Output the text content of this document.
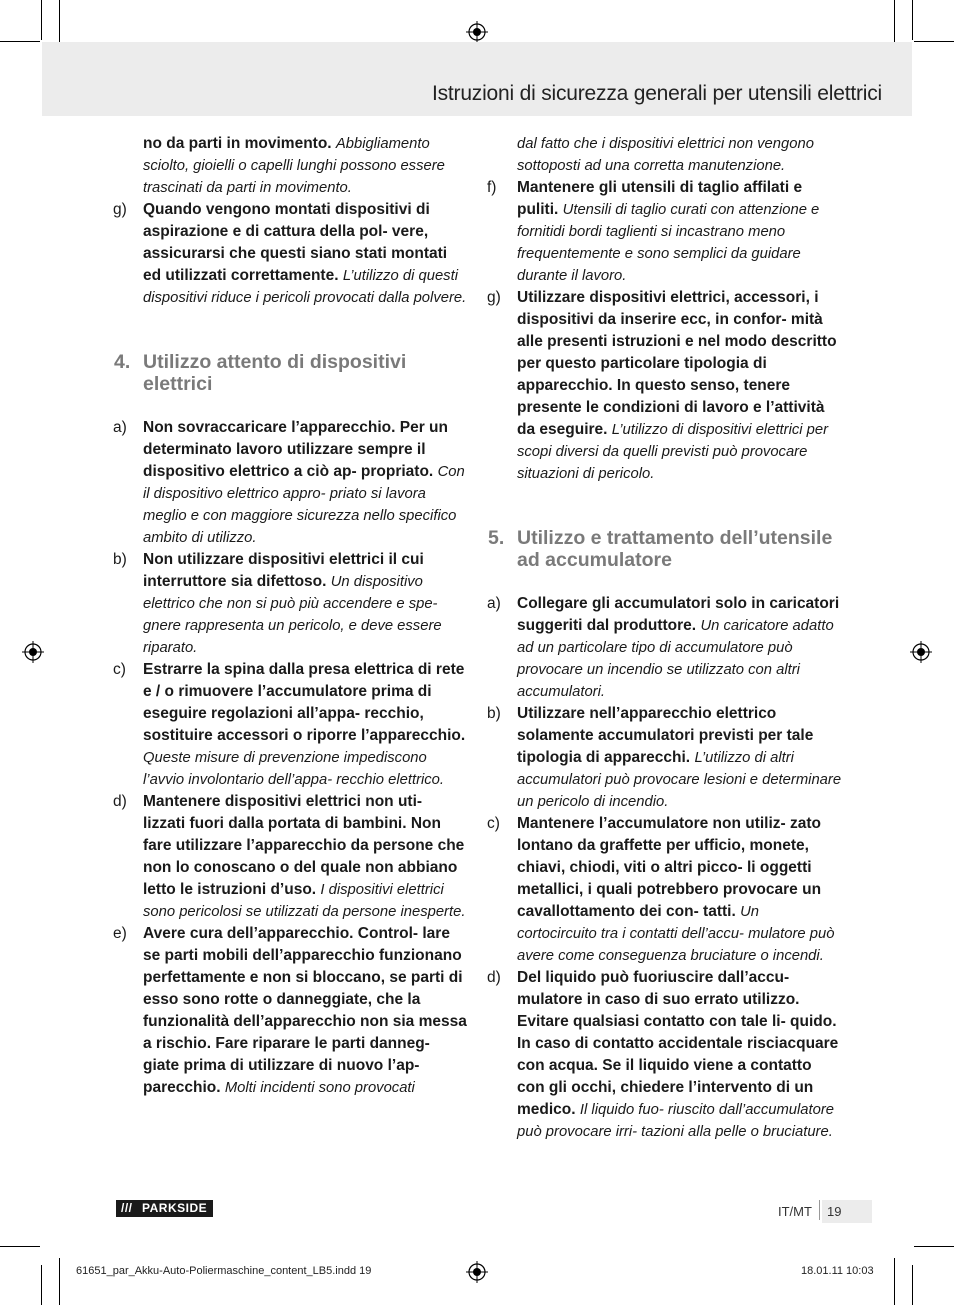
Istruzioni di sicurezza generali per utensili elettrici

no da parti in movimento. Abbigliamento sciolto, gioielli o capelli lunghi possono essere trascinati da parti in movimento.

g) Quando vengono montati dispositivi di aspirazione e di cattura della pol- vere, assicurarsi che questi siano stati montati ed utilizzati correttamente. L’utilizzo di questi dispositivi riduce i pericoli provocati dalla polvere.

4. Utilizzo attento di dispositivi elettrici

a) Non sovraccaricare l’apparecchio. Per un determinato lavoro utilizzare sempre il dispositivo elettrico a ciò ap- propriato. Con il dispositivo elettrico appro- priato si lavora meglio e con maggiore sicurezza nello specifico ambito di utilizzo.

b) Non utilizzare dispositivi elettrici il cui interruttore sia difettoso. Un dispositivo elettrico che non si può più accendere e spe- gnere rappresenta un pericolo, e deve essere riparato.

c) Estrarre la spina dalla presa elettrica di rete e / o rimuovere l’accumulatore prima di eseguire regolazioni all’appa- recchio, sostituire accessori o riporre l’apparecchio. Queste misure di prevenzione impediscono l’avvio involontario dell’appa- recchio elettrico.

d) Mantenere dispositivi elettrici non uti- lizzati fuori dalla portata di bambini. Non fare utilizzare l’apparecchio da persone che non lo conoscano o del quale non abbiano letto le istruzioni d’uso. I dispositivi elettrici sono pericolosi se utilizzati da persone inesperte.

e) Avere cura dell’apparecchio. Control- lare se parti mobili dell’apparecchio funzionano perfettamente e non si bloccano, se parti di esso sono rotte o danneggiate, che la funzionalità dell’apparecchio non sia messa a rischio. Fare riparare le parti danneg- giate prima di utilizzare di nuovo l’ap- parecchio. Molti incidenti sono provocati

dal fatto che i dispositivi elettrici non vengono sottoposti ad una corretta manutenzione.

f) Mantenere gli utensili di taglio affilati e puliti. Utensili di taglio curati con attenzione e fornitidi bordi taglienti si incastrano meno frequentemente e sono semplici da guidare durante il lavoro.

g) Utilizzare dispositivi elettrici, accessori, i dispositivi da inserire ecc, in confor- mità alle presenti istruzioni e nel modo descritto per questo particolare tipologia di apparecchio. In questo senso, tenere presente le condizioni di lavoro e l’attività da eseguire. L’utilizzo di dispositivi elettrici per scopi diversi da quelli previsti può provocare situazioni di pericolo.

5. Utilizzo e trattamento dell’utensile ad accumulatore

a) Collegare gli accumulatori solo in caricatori suggeriti dal produttore. Un caricatore adatto ad un particolare tipo di accumulatore può provocare un incendio se utilizzato con altri accumulatori.

b) Utilizzare nell’apparecchio elettrico solamente accumulatori previsti per tale tipologia di apparecchi. L’utilizzo di altri accumulatori può provocare lesioni e determinare un pericolo di incendio.

c) Mantenere l’accumulatore non utiliz- zato lontano da graffette per ufficio, monete, chiavi, chiodi, viti o altri picco- li oggetti metallici, i quali potrebbero provocare un cavallottamento dei con- tatti. Un cortocircuito tra i contatti dell’accu- mulatore può avere come conseguenza bruciature o incendi.

d) Del liquido può fuoriuscire dall’accu- mulatore in caso di suo errato utilizzo. Evitare qualsiasi contatto con tale li- quido. In caso di contatto accidentale risciacquare con acqua. Se il liquido viene a contatto con gli occhi, chiedere l’intervento di un medico. Il liquido fuo- riuscito dall’accumulatore può provocare irri- tazioni alla pelle o bruciature.

/// PARKSIDE	IT/MT 19
61651_par_Akku-Auto-Poliermaschine_content_LB5.indd 19	18.01.11 10:03
